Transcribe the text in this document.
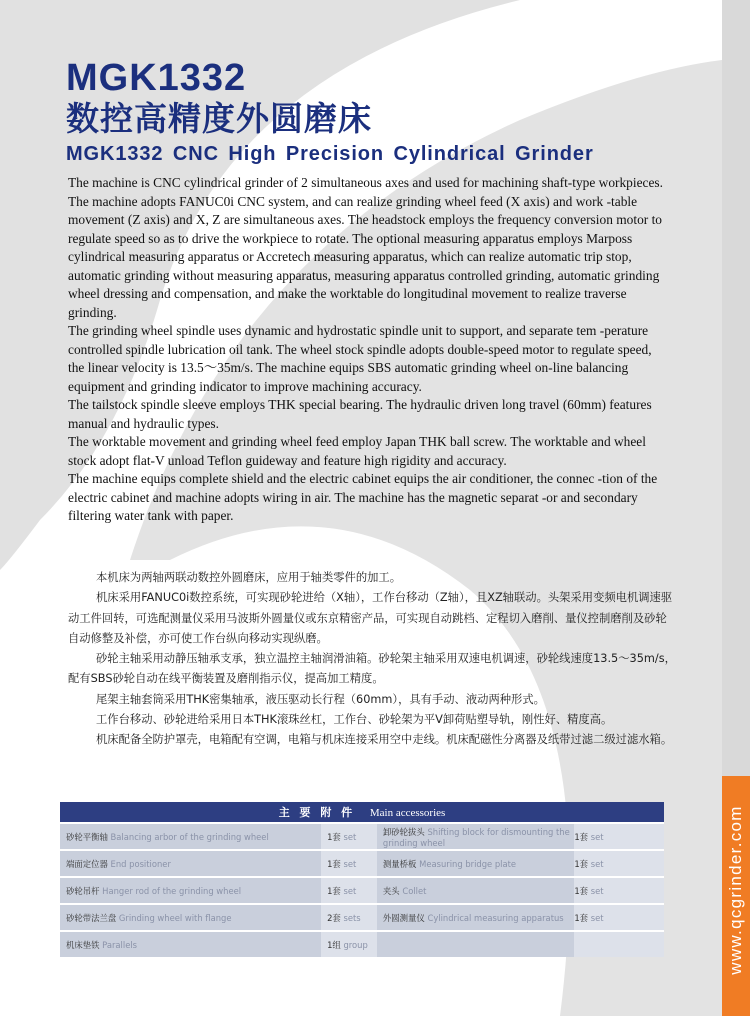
MGK1332
数控高精度外圆磨床
MGK1332 CNC High Precision Cylindrical Grinder

The machine is CNC cylindrical grinder of 2 simultaneous axes and used for machining shaft-type workpieces.

The machine adopts FANUC0i CNC system, and can realize grinding wheel feed (X axis) and work -table movement (Z axis) and X, Z are simultaneous axes. The headstock employs the frequency conversion motor to regulate speed so as to drive the workpiece to rotate. The optional measuring apparatus employs Marposs cylindrical measuring apparatus or Accretech measuring apparatus, which can realize automatic trip stop, automatic grinding without measuring apparatus, measuring apparatus controlled grinding, automatic grinding wheel dressing and compensation, and make the worktable do longitudinal movement to realize traverse grinding.

The grinding wheel spindle uses dynamic and hydrostatic spindle unit to support, and separate tem -perature controlled spindle lubrication oil tank. The wheel stock spindle adopts double-speed motor to regulate speed, the linear velocity is 13.5～35m/s. The machine equips SBS automatic grinding wheel on-line balancing equipment and grinding indicator to improve machining accuracy.

The tailstock spindle sleeve employs THK special bearing. The hydraulic driven long travel (60mm) features manual and hydraulic types.

The worktable movement and grinding wheel feed employ Japan THK ball screw. The worktable and wheel stock adopt flat-V unload Teflon guideway and feature high rigidity and accuracy.

The machine equips complete shield and the electric cabinet equips the air conditioner, the connec -tion of the electric cabinet and machine adopts wiring in air. The machine has the magnetic separat -or and secondary filtering water tank with paper.

本机床为两轴两联动数控外圆磨床，应用于轴类零件的加工。

机床采用FANUC0i数控系统，可实现砂轮进给（X轴），工作台移动（Z轴），且XZ轴联动。头架采用变频电机调速驱动工件回转，可选配测量仪采用马波斯外圆量仪或东京精密产品，可实现自动跳档、定程切入磨削、量仪控制磨削及砂轮自动修整及补偿，亦可使工作台纵向移动实现纵磨。

砂轮主轴采用动静压轴承支承，独立温控主轴润滑油箱。砂轮架主轴采用双速电机调速，砂轮线速度13.5～35m/s，配有SBS砂轮自动在线平衡装置及磨削指示仪，提高加工精度。

尾架主轴套筒采用THK密集轴承，液压驱动长行程（60mm），具有手动、液动两种形式。

工作台移动、砂轮进给采用日本THK滚珠丝杠，工作台、砂轮架为平V卸荷贴塑导轨，刚性好、精度高。

机床配备全防护罩壳，电箱配有空调，电箱与机床连接采用空中走线。机床配磁性分离器及纸带过滤二级过滤水箱。

主 要 附 件 Main accessories			
砂轮平衡轴 Balancing arbor of the grinding wheel	1套 set	卸砂轮拔头 Shifting block for dismounting the grinding wheel	1套 set
端面定位器 End positioner	1套 set	测量桥板 Measuring bridge plate	1套 set
砂轮吊杆 Hanger rod of the grinding wheel	1套 set	夹头 Collet	1套 set
砂轮带法兰盘 Grinding wheel with flange	2套 sets	外圆测量仪 Cylindrical measuring apparatus	1套 set
机床垫铁 Parallels	1组 group			www.qcgrinder.com
